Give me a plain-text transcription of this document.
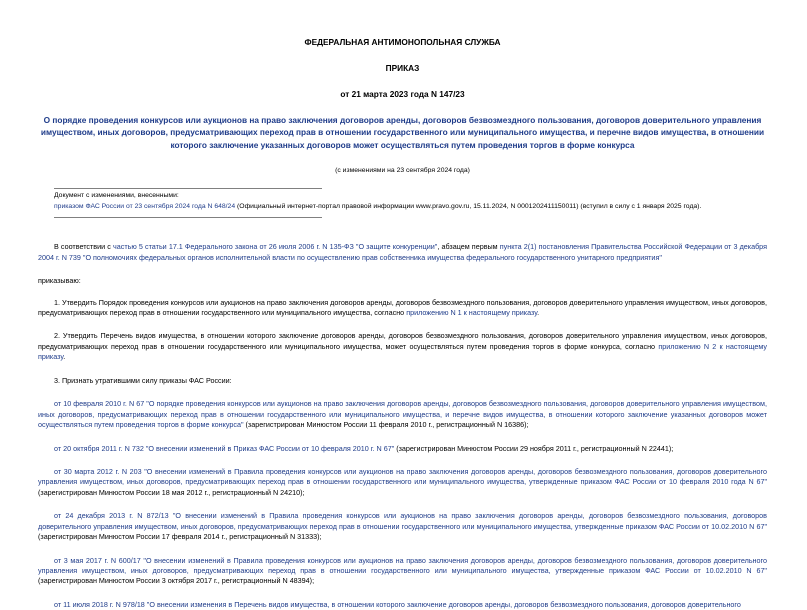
ФЕДЕРАЛЬНАЯ АНТИМОНОПОЛЬНАЯ СЛУЖБА
ПРИКАЗ
от 21 марта 2023 года N 147/23
О порядке проведения конкурсов или аукционов на право заключения договоров аренды, договоров безвозмездного пользования, договоров доверительного управления имуществом, иных договоров, предусматривающих переход прав в отношении государственного или муниципального имущества, и перечне видов имущества, в отношении которого заключение указанных договоров может осуществляться путем проведения торгов в форме конкурса
(с изменениями на 23 сентября 2024 года)
Документ с изменениями, внесенными:
приказом ФАС России от 23 сентября 2024 года N 648/24 (Официальный интернет-портал правовой информации www.pravo.gov.ru, 15.11.2024, N 0001202411150011) (вступил в силу с 1 января 2025 года).

В соответствии с частью 5 статьи 17.1 Федерального закона от 26 июля 2006 г. N 135-ФЗ "О защите конкуренции", абзацем первым пункта 2(1) постановления Правительства Российской Федерации от 3 декабря 2004 г. N 739 "О полномочиях федеральных органов исполнительной власти по осуществлению прав собственника имущества федерального государственного унитарного предприятия"

приказываю:

1. Утвердить Порядок проведения конкурсов или аукционов на право заключения договоров аренды, договоров безвозмездного пользования, договоров доверительного управления имуществом, иных договоров, предусматривающих переход прав в отношении государственного или муниципального имущества, согласно приложению N 1 к настоящему приказу.

2. Утвердить Перечень видов имущества, в отношении которого заключение договоров аренды, договоров безвозмездного пользования, договоров доверительного управления имуществом, иных договоров, предусматривающих переход прав в отношении государственного или муниципального имущества, может осуществляться путем проведения торгов в форме конкурса, согласно приложению N 2 к настоящему приказу.

3. Признать утратившими силу приказы ФАС России:

от 10 февраля 2010 г. N 67 "О порядке проведения конкурсов или аукционов на право заключения договоров аренды, договоров безвозмездного пользования, договоров доверительного управления имуществом, иных договоров, предусматривающих переход прав в отношении государственного или муниципального имущества, и перечне видов имущества, в отношении которого заключение указанных договоров может осуществляться путем проведения торгов в форме конкурса" (зарегистрирован Минюстом России 11 февраля 2010 г., регистрационный N 16386);

от 20 октября 2011 г. N 732 "О внесении изменений в Приказ ФАС России от 10 февраля 2010 г. N 67" (зарегистрирован Минюстом России 29 ноября 2011 г., регистрационный N 22441);

от 30 марта 2012 г. N 203 "О внесении изменений в Правила проведения конкурсов или аукционов на право заключения договоров аренды, договоров безвозмездного пользования, договоров доверительного управления имуществом, иных договоров, предусматривающих переход прав в отношении государственного или муниципального имущества, утвержденные приказом ФАС России от 10 февраля 2010 года N 67" (зарегистрирован Минюстом России 18 мая 2012 г., регистрационный N 24210);

от 24 декабря 2013 г. N 872/13 "О внесении изменений в Правила проведения конкурсов или аукционов на право заключения договоров аренды, договоров безвозмездного пользования, договоров доверительного управления имуществом, иных договоров, предусматривающих переход прав в отношении государственного или муниципального имущества, утвержденные приказом ФАС России от 10.02.2010 N 67" (зарегистрирован Минюстом России 17 февраля 2014 г., регистрационный N 31333);

от 3 мая 2017 г. N 600/17 "О внесении изменений в Правила проведения конкурсов или аукционов на право заключения договоров аренды, договоров безвозмездного пользования, договоров доверительного управления имуществом, иных договоров, предусматривающих переход прав в отношении государственного или муниципального имущества, утвержденные приказом ФАС России от 10.02.2010 N 67" (зарегистрирован Минюстом России 3 октября 2017 г., регистрационный N 48394);

от 11 июля 2018 г. N 978/18 "О внесении изменения в Перечень видов имущества, в отношении которого заключение договоров аренды, договоров безвозмездного пользования, договоров доверительного
